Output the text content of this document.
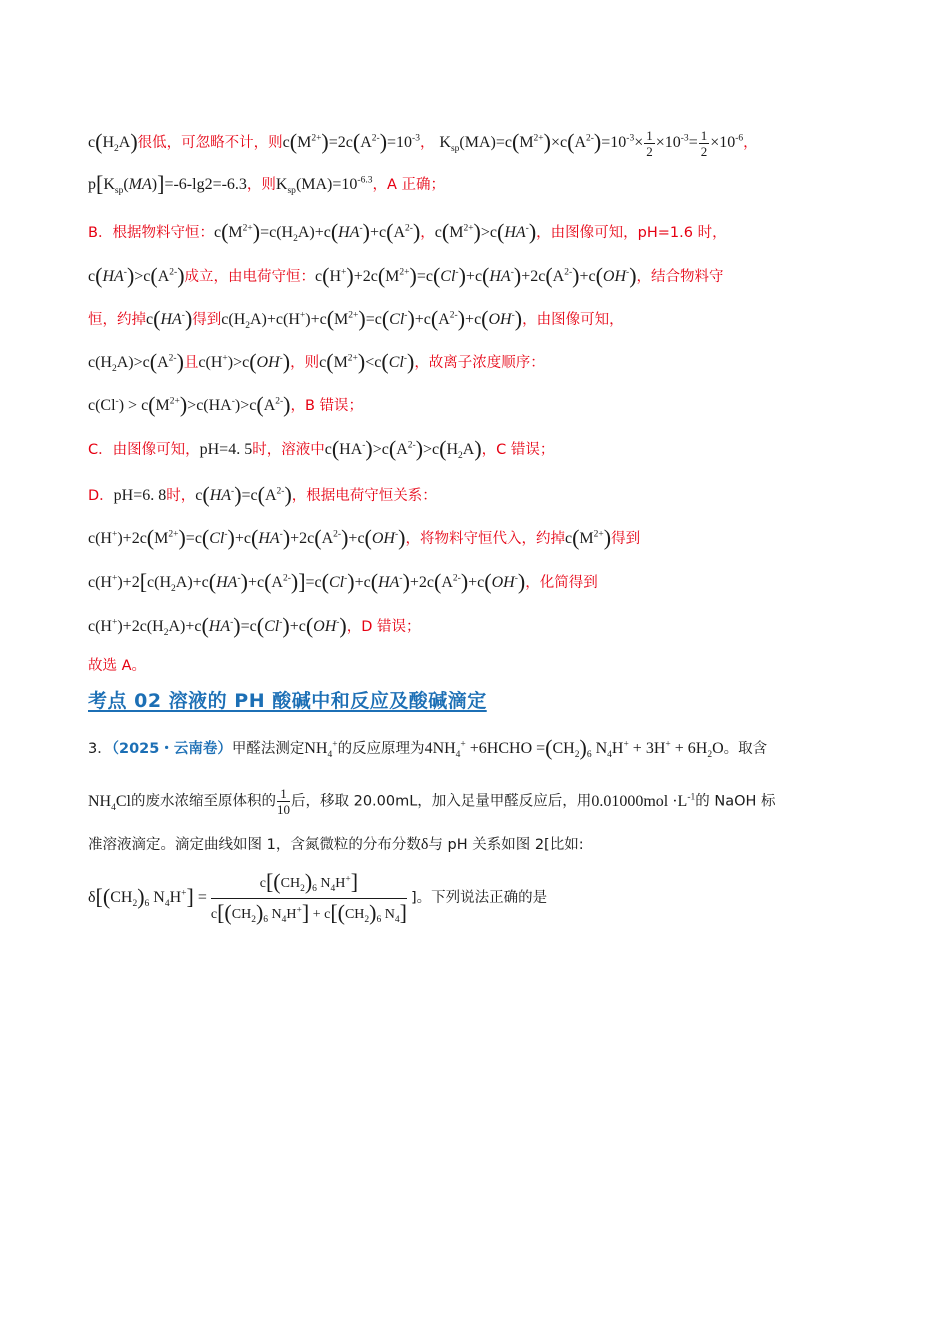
$c(H_2A)$很低，可忽略不计，则$c(M^{2+})=2c(A^{2-})=10^{-3}$， $K_{sp}(MA)=c(M^{2+})\times c(A^{2-})=10^{-3}\times \frac{1}{2} \times 10^{-3}= \frac{1}{2} \times 10^{-6}$，
$p[K_{sp}(MA)]=-6-\lg 2=-6.3$，则$K_{sp}(MA)=10^{-6.3}$，A 正确；
B．根据物料守恒：$c(M^{2+})=c(H_2A)+c(HA^-)+c(A^{2-})$，$c(M^{2+})>c(HA^-)$，由图像可知，pH=1.6 时，
$c(HA^-)>c(A^{2-})$成立，由电荷守恒：$c(H^+)+2c(M^{2+})=c(Cl^-)+c(HA^-)+2c(A^{2-})+c(OH^-)$，结合物料守
恒，约掉c(HA-)得到$c(H_2A)+c(H^+)+c(M^{2+})=c(Cl^-)+c(A^{2-})+c(OH^-)$，由图像可知，
$c(H_2A)>c(A^{2-})$且c(H+)>c(OH-)，则$c(M^{2+})<c(Cl^-)$，故离子浓度顺序：
$c(Cl^-) > c(M^{2+})>c(HA^-)>c(A^{2-})$，B 错误；
C．由图像可知，pH=4. 5时，溶液中$c(HA^-)>c(A^{2-})>c(H_2A)$，C 错误；
D．pH=6. 8时，$c(HA^-)=c(A^{2-})$，根据电荷守恒关系：
$c(H^+)+2c(M^{2+})=c(Cl^-)+c(HA^-)+2c(A^{2-})+c(OH^-)$，将物料守恒代入，约掉$c(M^{2+})$得到
$c(H^+)+2[c(H_2A)+c(HA^-)+c(A^{2-})]=c(Cl^-)+c(HA^-)+2c(A^{2-})+c(OH^-)$，化简得到
$c(H^+)+2c(H_2A)+c(HA^-)=c(Cl^-)+c(OH^-)$，D 错误；
故选 A。
考点 02 溶液的 PH 酸碱中和反应及酸碱滴定
3．（2025・云南卷）甲醛法测定$NH_4^+$的反应原理为$4NH_4^+$ +6HCHO $=(CH_2)_6$ $N_4H^+ + 3H^+ + 6H_2O$。取含
$NH_4Cl$的废水浓缩至原体积的 $\frac{1}{10}$ 后，移取 20.00mL，加入足量甲醛反应后，用$0.01000mol \cdot L^{-1}$的 NaOH 标
准溶液滴定。滴定曲线如图 1，含氮微粒的分布分数δ与 pH 关系如图 2[比如:
$\delta[(CH_2)_6$ $N_4H^+] = \frac{c[(CH_2)_6 N_4H^+]}{c[(CH_2)_6 N_4H^+] + c[(CH_2)_6 N_4]}$ ]。下列说法正确的是
